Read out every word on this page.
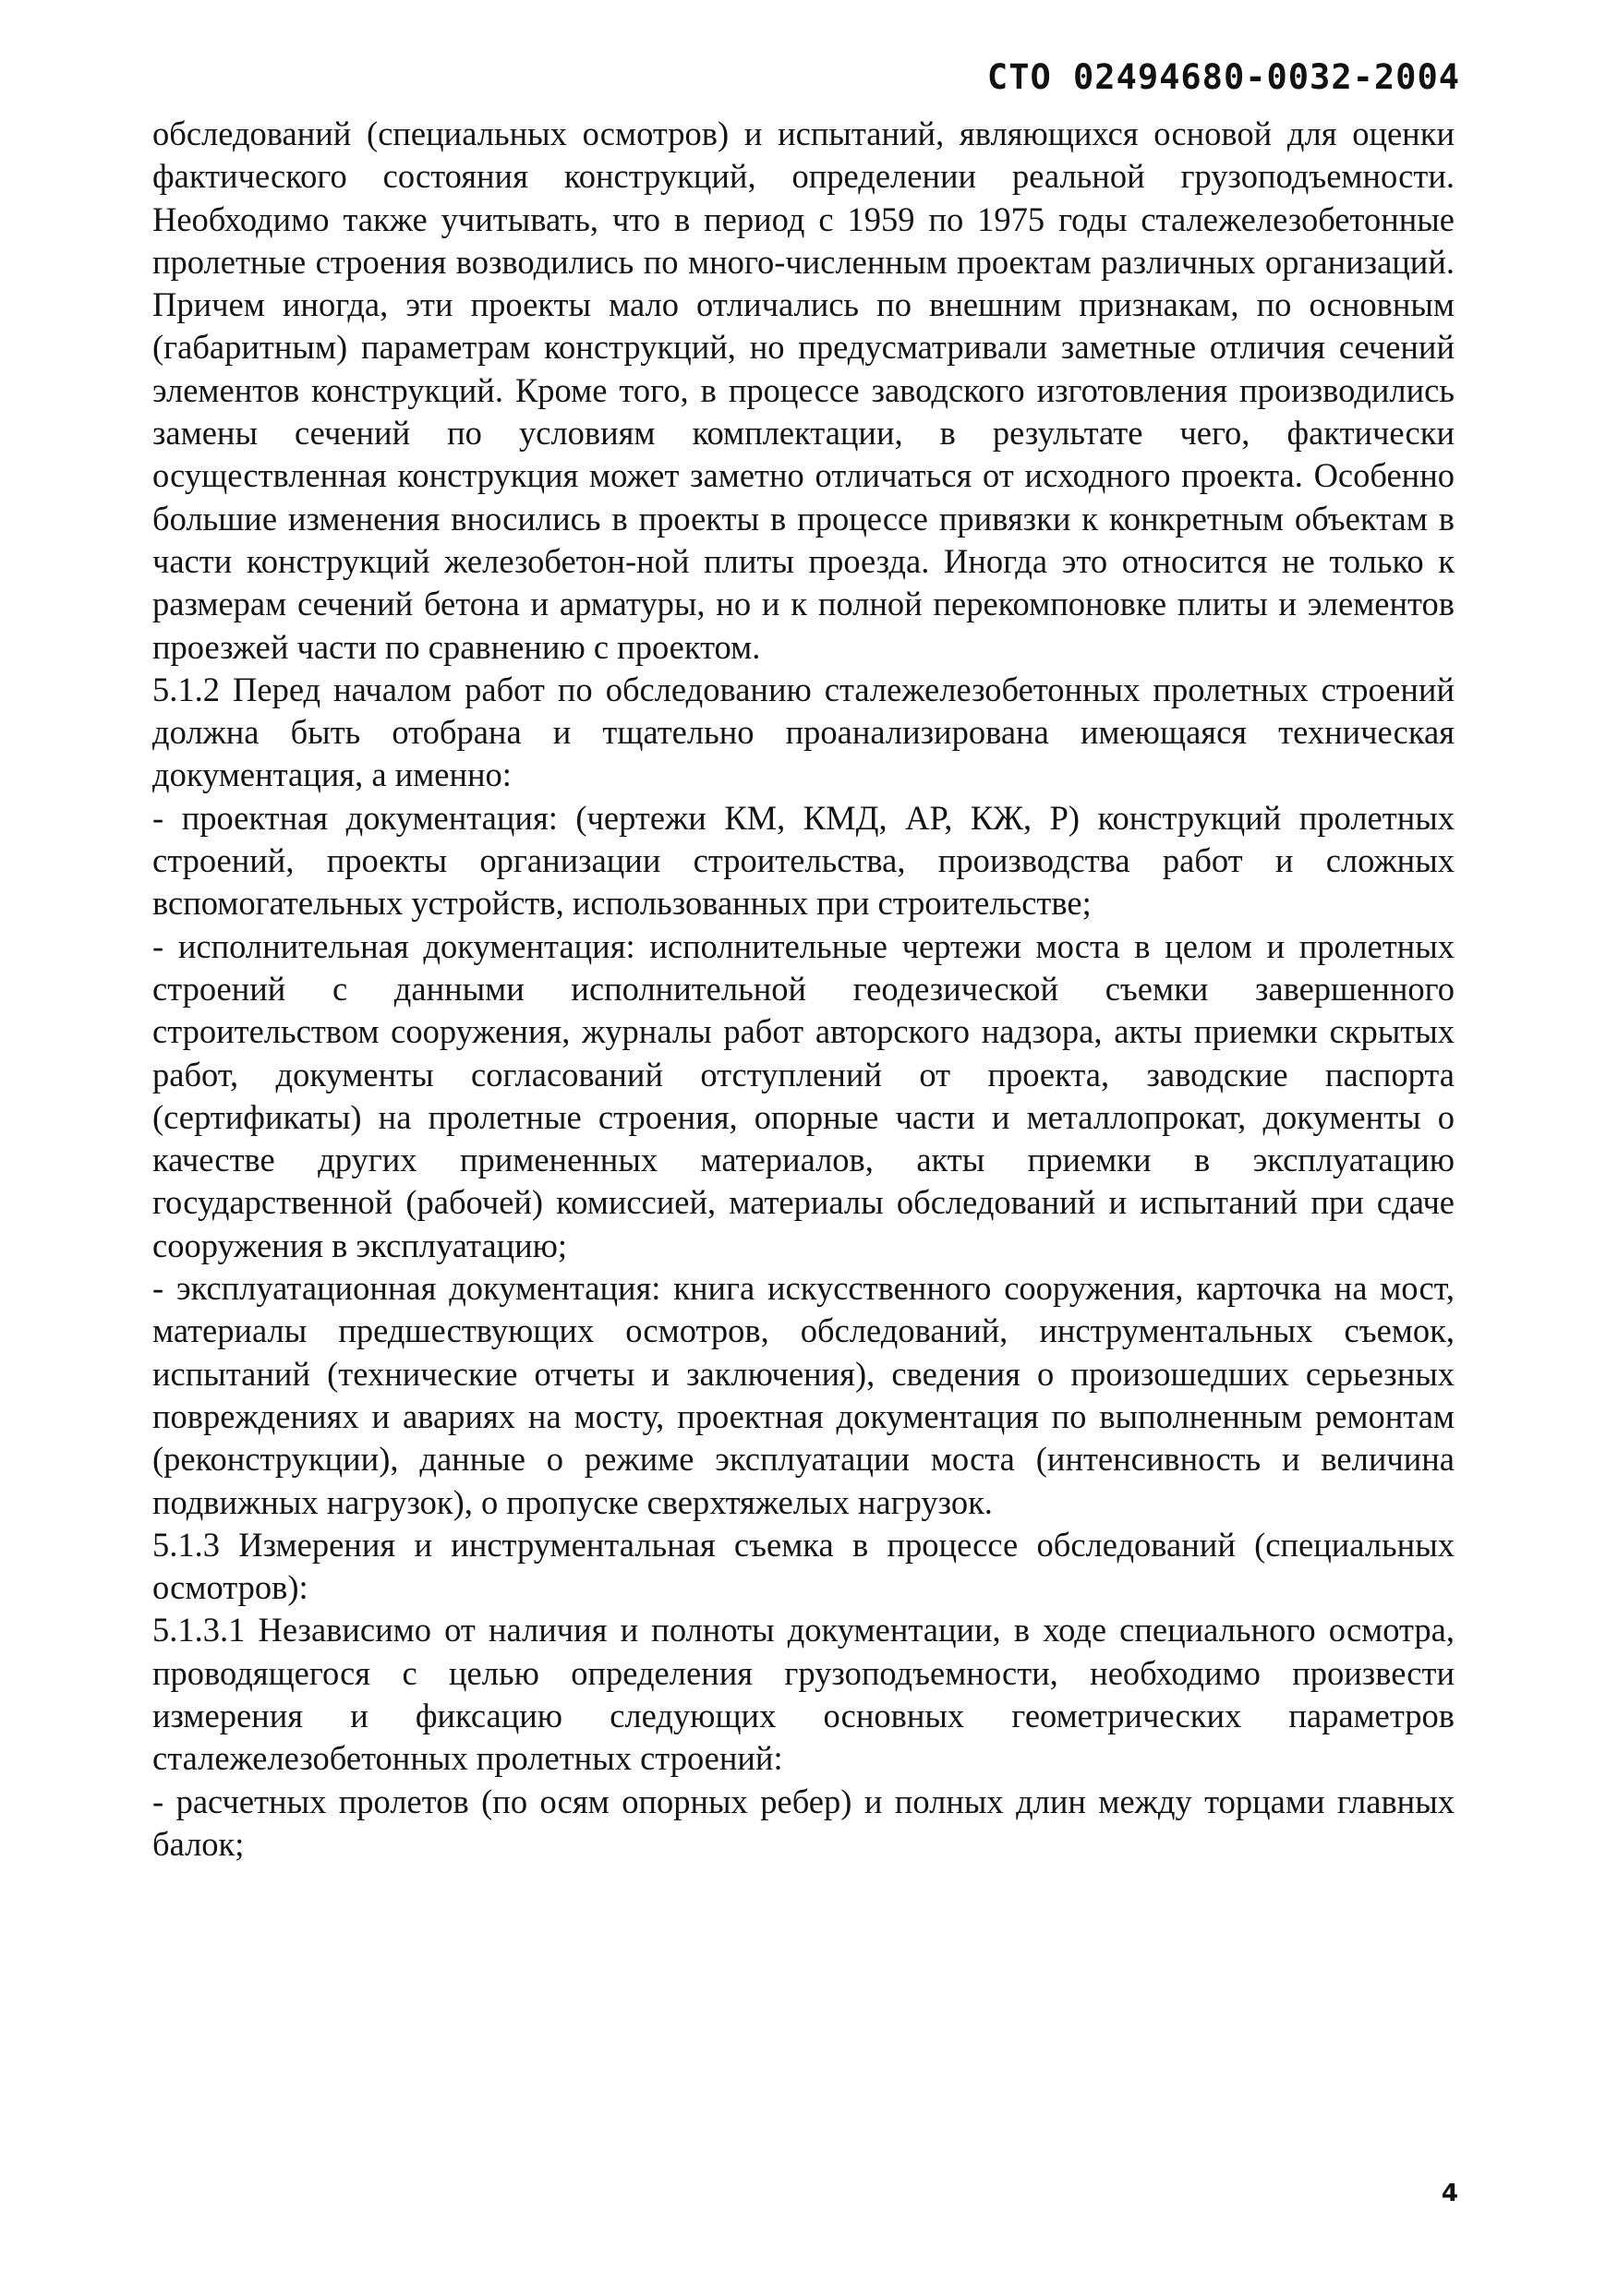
СТО 02494680-0032-2004

обследований (специальных осмотров) и испытаний, являющихся основой для оценки фактического состояния конструкций, определении реальной грузоподъемности. Необходимо также учитывать, что в период с 1959 по 1975 годы сталежелезобетонные пролетные строения возводились по много-численным проектам различных организаций. Причем иногда, эти проекты мало отличались по внешним признакам, по основным (габаритным) параметрам конструкций, но предусматривали заметные отличия сечений элементов конструкций. Кроме того, в процессе заводского изготовления производились замены сечений по условиям комплектации, в результате чего, фактически осуществленная конструкция может заметно отличаться от исходного проекта. Особенно большие изменения вносились в проекты в процессе привязки к конкретным объектам в части конструкций железобетон-ной плиты проезда. Иногда это относится не только к размерам сечений бетона и арматуры, но и к полной перекомпоновке плиты и элементов проезжей части по сравнению с проектом.

5.1.2 Перед началом работ по обследованию сталежелезобетонных пролетных строений должна быть отобрана и тщательно проанализирована имеющаяся техническая документация, а именно:

- проектная документация: (чертежи КМ, КМД, АР, КЖ, Р) конструкций пролетных строений, проекты организации строительства, производства работ и сложных вспомогательных устройств, использованных при строительстве;

- исполнительная документация: исполнительные чертежи моста в целом и пролетных строений с данными исполнительной геодезической съемки завершенного строительством сооружения, журналы работ авторского надзора, акты приемки скрытых работ, документы согласований отступлений от проекта, заводские паспорта (сертификаты) на пролетные строения, опорные части и металлопрокат, документы о качестве других примененных материалов, акты приемки в эксплуатацию государственной (рабочей) комиссией, материалы обследований и испытаний при сдаче сооружения в эксплуатацию;

- эксплуатационная документация: книга искусственного сооружения, карточка на мост, материалы предшествующих осмотров, обследований, инструментальных съемок, испытаний (технические отчеты и заключения), сведения о произошедших серьезных повреждениях и авариях на мосту, проектная документация по выполненным ремонтам (реконструкции), данные о режиме эксплуатации моста (интенсивность и величина подвижных нагрузок), о пропуске сверхтяжелых нагрузок.

5.1.3 Измерения и инструментальная съемка в процессе обследований (специальных осмотров):

5.1.3.1 Независимо от наличия и полноты документации, в ходе специального осмотра, проводящегося с целью определения грузоподъемности, необходимо произвести измерения и фиксацию следующих основных геометрических параметров сталежелезобетонных пролетных строений:

- расчетных пролетов (по осям опорных ребер) и полных длин между торцами главных балок;

4
